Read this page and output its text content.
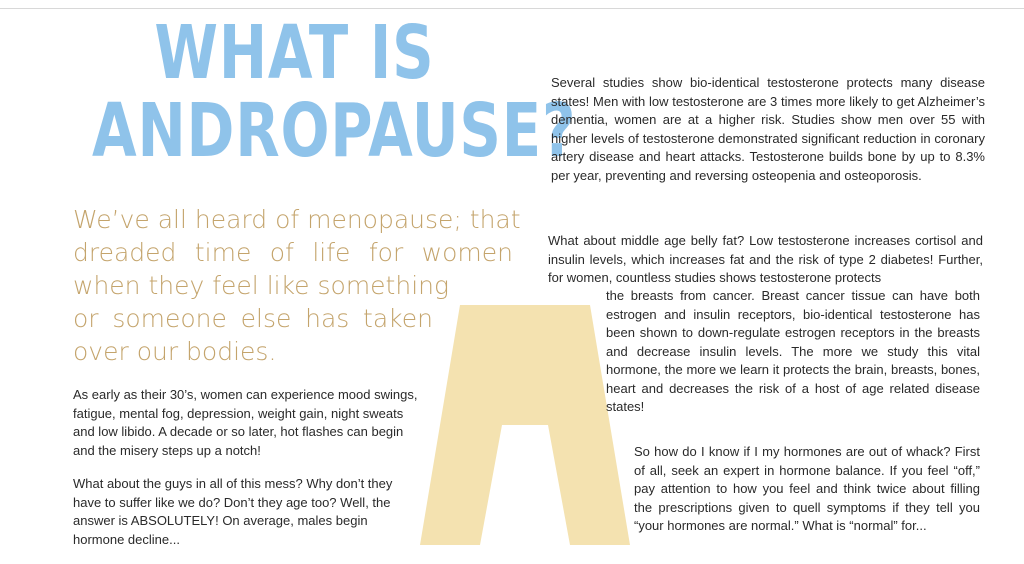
WHAT IS
ANDROPAUSE?
We’ve all heard of menopause; that
dreaded time of life for women
when they feel like something
or someone else has taken
over our bodies.

As early as their 30’s, women can experience mood swings, fatigue, mental fog, depression, weight gain, night sweats and low libido. A decade or so later, hot flashes can begin and the misery steps up a notch!

What about the guys in all of this mess? Why don’t they have to suffer like we do? Don’t they age too? Well, the answer is ABSOLUTELY! On average, males begin hormone decline...

Several studies show bio-identical testosterone protects many disease states! Men with low testosterone are 3 times more likely to get Alzheimer’s dementia, women are at a higher risk. Studies show men over 55 with higher levels of testosterone demonstrated significant reduction in coronary artery disease and heart attacks. Testosterone builds bone by up to 8.3% per year, preventing and reversing osteopenia and osteoporosis.

What about middle age belly fat? Low testosterone increases cortisol and insulin levels, which increases fat and the risk of type 2 diabetes! Further, for women, countless studies shows testosterone protects

the breasts from cancer. Breast cancer tissue can have both estrogen and insulin receptors, bio-identical testosterone has been shown to down-regulate estrogen receptors in the breasts and decrease insulin levels. The more we study this vital hormone, the more we learn it protects the brain, breasts, bones, heart and decreases the risk of a host of age related disease states!

So how do I know if I my hormones are out of whack? First of all, seek an expert in hormone balance. If you feel “off,” pay attention to how you feel and think twice about filling the prescriptions given to quell symptoms if they tell you “your hormones are normal.” What is “normal” for...
